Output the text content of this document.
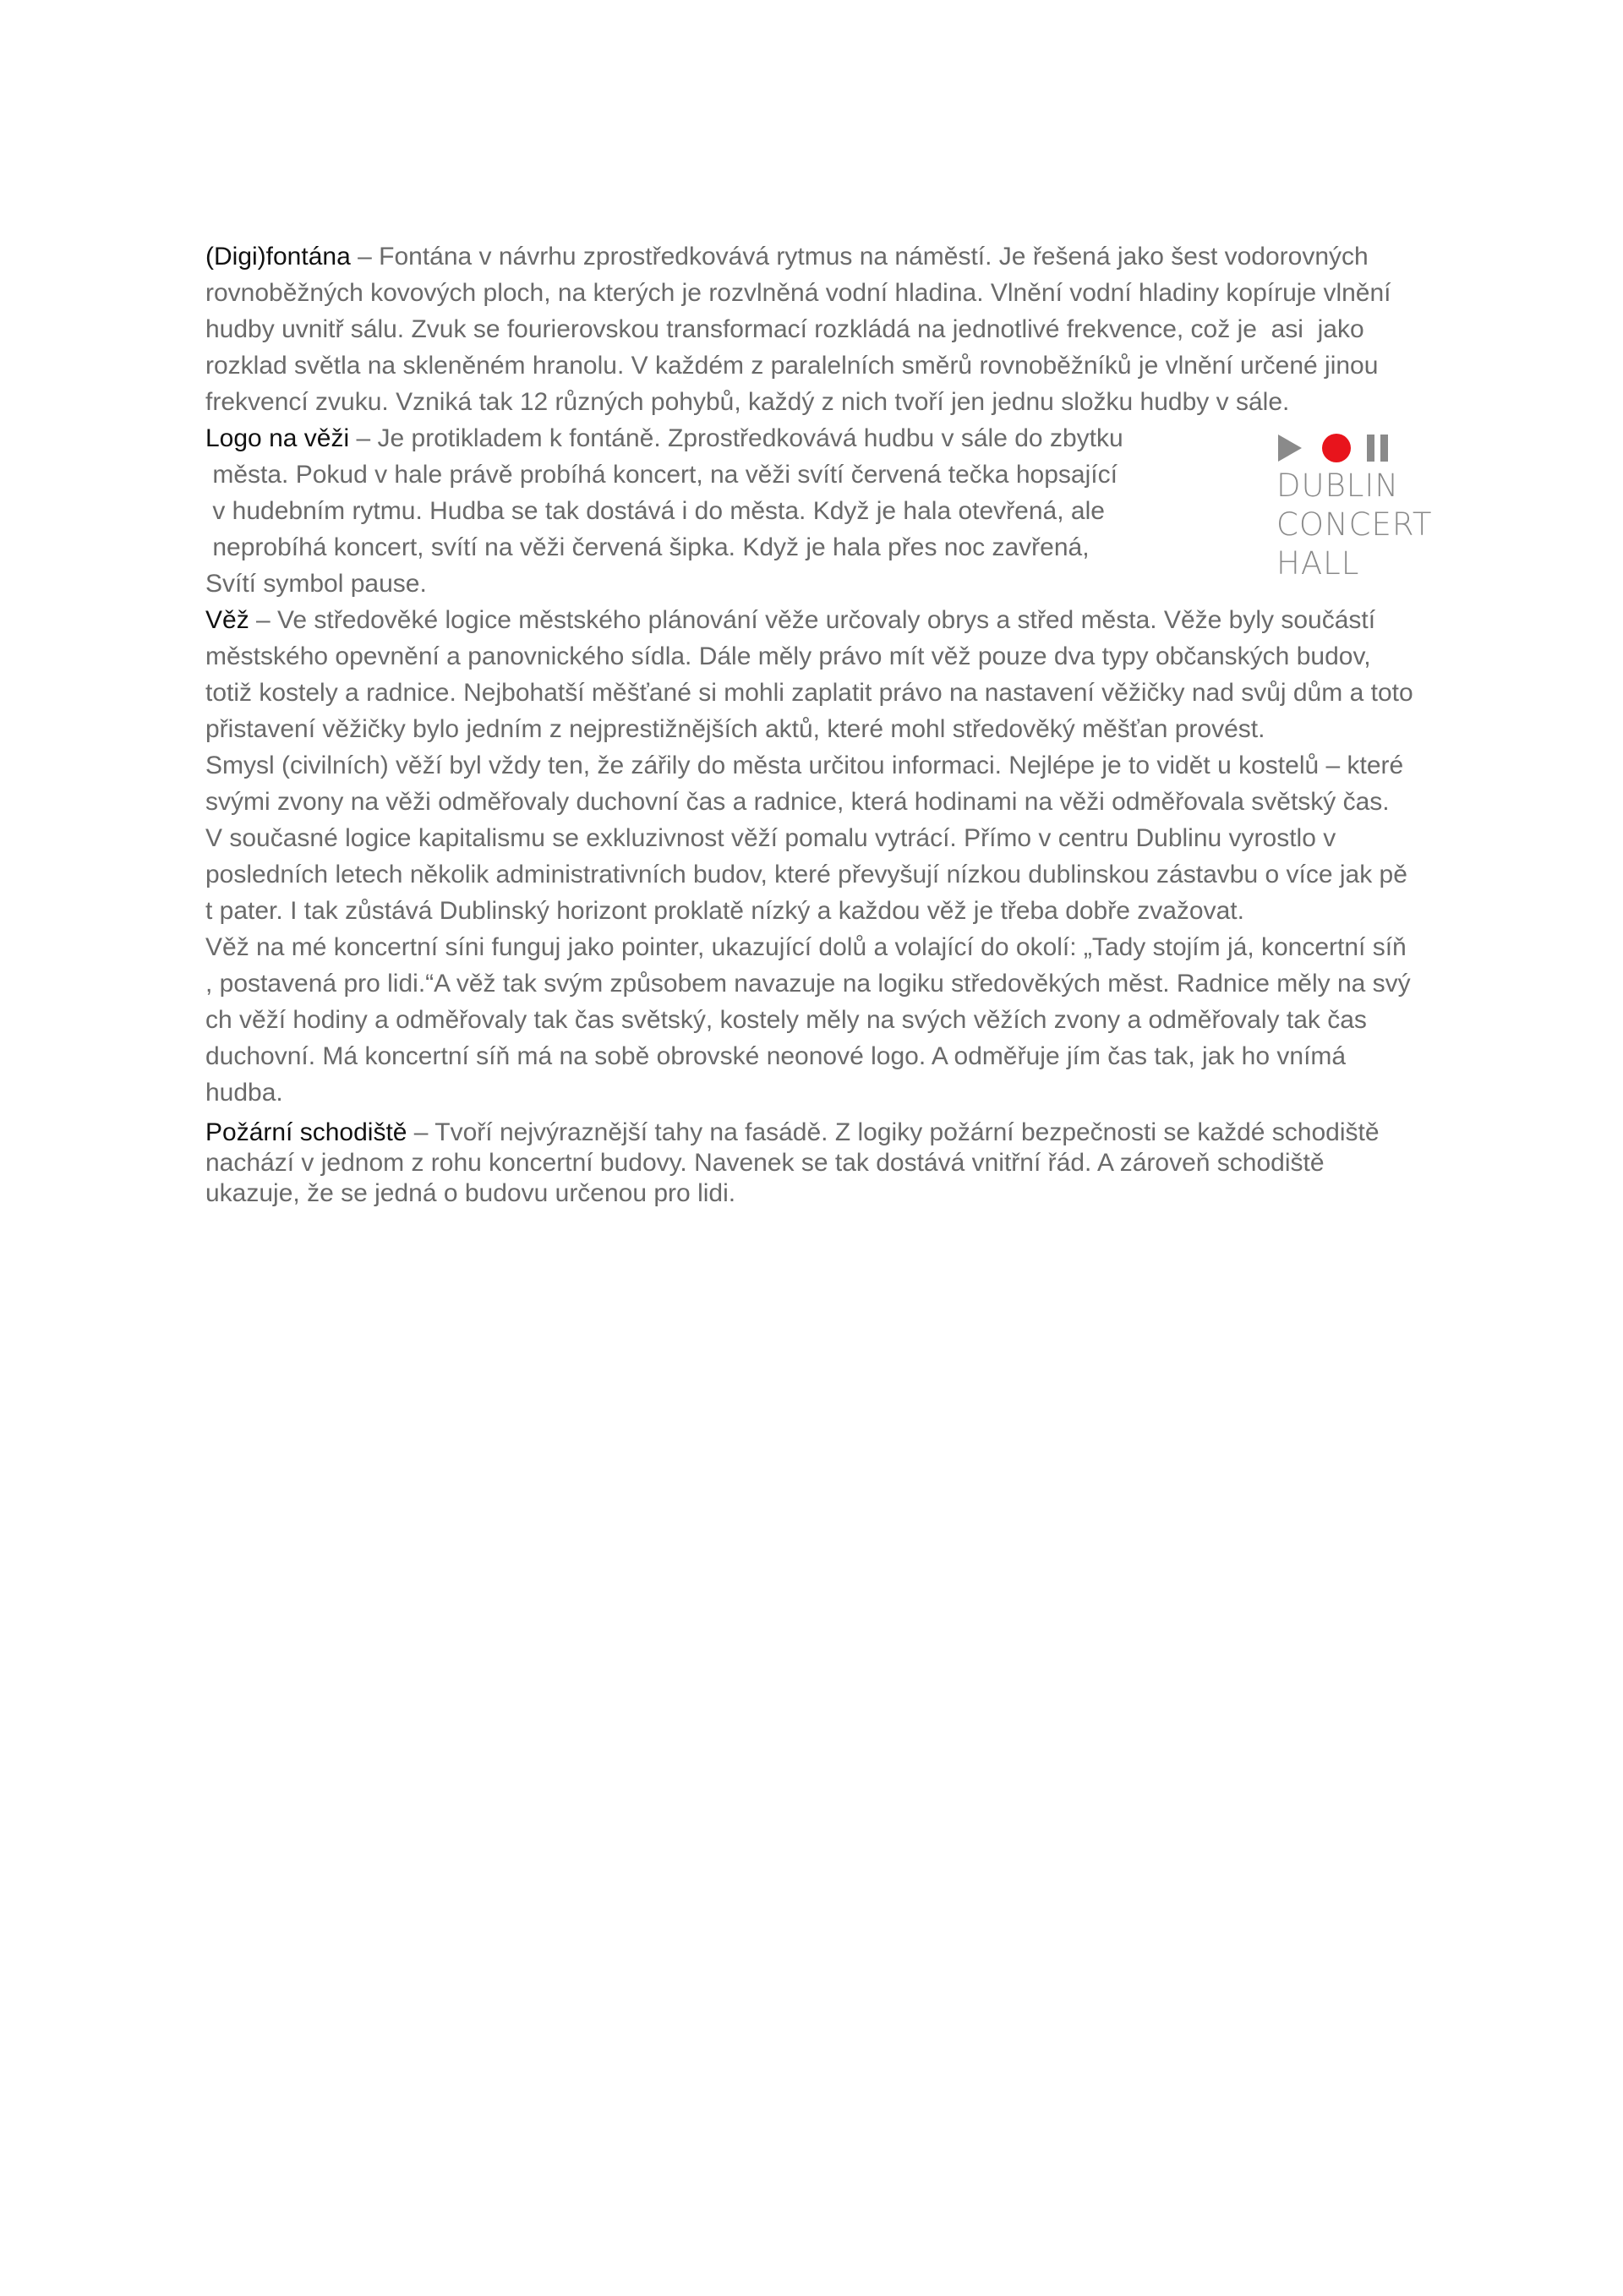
(Digi)fontána – Fontána v návrhu zprostředkovává rytmus na náměstí. Je řešená jako šest vodorovných
rovnoběžných kovových ploch, na kterých je rozvlněná vodní hladina. Vlnění vodní hladiny kopíruje vlnění
hudby uvnitř sálu. Zvuk se fourierovskou transformací rozkládá na jednotlivé frekvence, což je  asi  jako
rozklad světla na skleněném hranolu. V každém z paralelních směrů rovnoběžníků je vlnění určené jinou
frekvencí zvuku. Vzniká tak 12 různých pohybů, každý z nich tvoří jen jednu složku hudby v sále.
Logo na věži – Je protikladem k fontáně. Zprostředkovává hudbu v sále do zbytku
města. Pokud v hale právě probíhá koncert, na věži svítí červená tečka hopsající
v hudebním rytmu. Hudba se tak dostává i do města. Když je hala otevřená, ale
neprobíhá koncert, svítí na věži červená šipka. Když je hala přes noc zavřená,
Svítí symbol pause.
DUBLIN
CONCERT
HALL
Věž – Ve středověké logice městského plánování věže určovaly obrys a střed města. Věže byly součástí
městského opevnění a panovnického sídla. Dále měly právo mít věž pouze dva typy občanských budov,
totiž kostely a radnice. Nejbohatší měšťané si mohli zaplatit právo na nastavení věžičky nad svůj dům a toto
přistavení věžičky bylo jedním z nejprestižnějších aktů, které mohl středověký měšťan provést.
Smysl (civilních) věží byl vždy ten, že zářily do města určitou informaci. Nejlépe je to vidět u kostelů – které
svými zvony na věži odměřovaly duchovní čas a radnice, která hodinami na věži odměřovala světský čas.
V současné logice kapitalismu se exkluzivnost věží pomalu vytrácí. Přímo v centru Dublinu vyrostlo v
posledních letech několik administrativních budov, které převyšují nízkou dublinskou zástavbu o více jak pě
t pater. I tak zůstává Dublinský horizont proklatě nízký a každou věž je třeba dobře zvažovat.
Věž na mé koncertní síni funguj jako pointer, ukazující dolů a volající do okolí: „Tady stojím já, koncertní síň
, postavená pro lidi.“A věž tak svým způsobem navazuje na logiku středověkých měst. Radnice měly na svý
ch věží hodiny a odměřovaly tak čas světský, kostely měly na svých věžích zvony a odměřovaly tak čas
duchovní. Má koncertní síň má na sobě obrovské neonové logo. A odměřuje jím čas tak, jak ho vnímá
hudba.
Požární schodiště – Tvoří nejvýraznější tahy na fasádě. Z logiky požární bezpečnosti se každé schodiště
nachází v jednom z rohu koncertní budovy. Navenek se tak dostává vnitřní řád. A zároveň schodiště
ukazuje, že se jedná o budovu určenou pro lidi.
